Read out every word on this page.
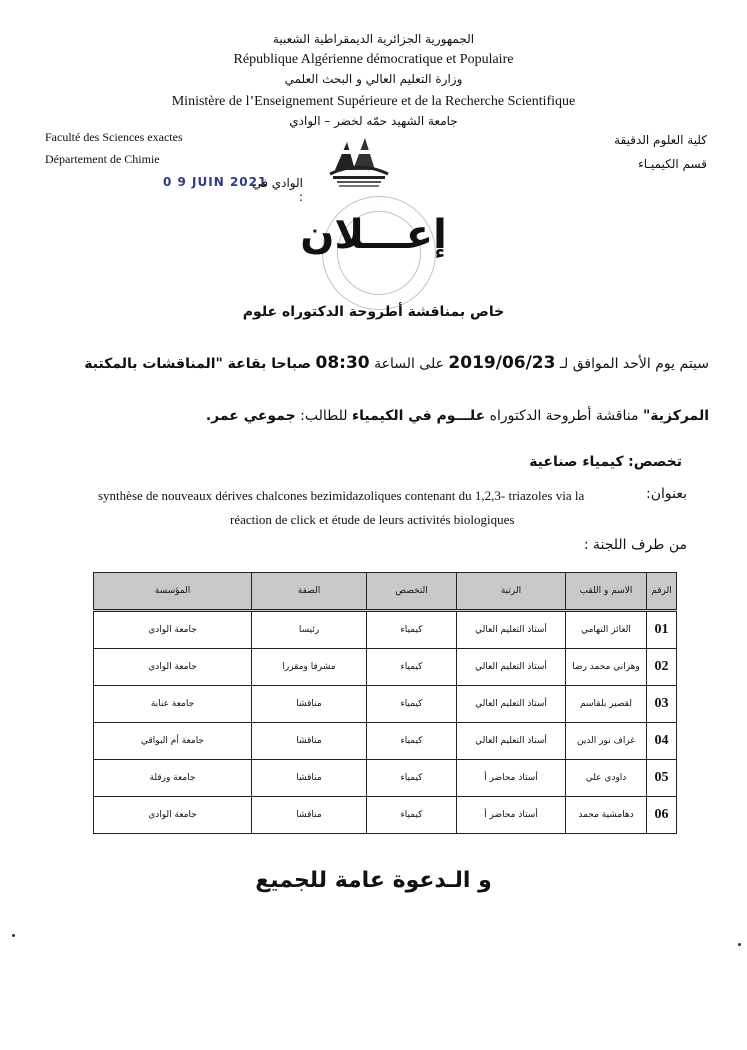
الجمهورية الجزائرية الديمقراطية الشعبية
République Algérienne démocratique et Populaire
وزارة التعليم العالي و البحث العلمي
Ministère de l’Enseignement Supérieure et de la Recherche Scientifique
جامعة الشهيد حمّه لخضر – الوادي
Faculté des Sciences exactes
Département de Chimie
كلية العلوم الدقيقة
قسم الكيميـاء
0 9 JUIN 2021
الوادي في :
إعـــلان
خاص بمناقشة أطروحة الدكتوراه علوم
سيتم يوم الأحد الموافق لـ 2019/06/23 على الساعة 08:30 صباحا بقاعة "المناقشات بالمكتبة
المركزية" مناقشة أطروحة الدكتوراه علـــوم في الكيمياء للطالب: جموعي عمر.
تخصص: كيمياء صناعية
بعنوان:
synthèse de nouveaux dérives chalcones bezimidazoliques contenant du 1,2,3- triazoles via la
réaction de click et étude de leurs activités biologiques
من طرف اللجنة :
الرقم	الاسم و اللقب	الرتبة	التخصص	الصفة	المؤسسة
01	العائز التهامي	أستاذ التعليم العالي	كيمياء	رئيسا	جامعة الوادي
02	وهراني محمد رضا	أستاذ التعليم العالي	كيمياء	مشرفا ومقررا	جامعة الوادي
03	لقصير بلقاسم	أستاذ التعليم العالي	كيمياء	مناقشا	جامعة عنابة
04	غراف نور الدين	أستاذ التعليم العالي	كيمياء	مناقشا	جامعة أم البواقي
05	داودي علي	أستاذ محاضر أ	كيمياء	مناقشا	جامعة ورقلة
06	دهامشية محمد	أستاذ محاضر أ	كيمياء	مناقشا	جامعة الوادي
و الـدعوة عامة للجميع
